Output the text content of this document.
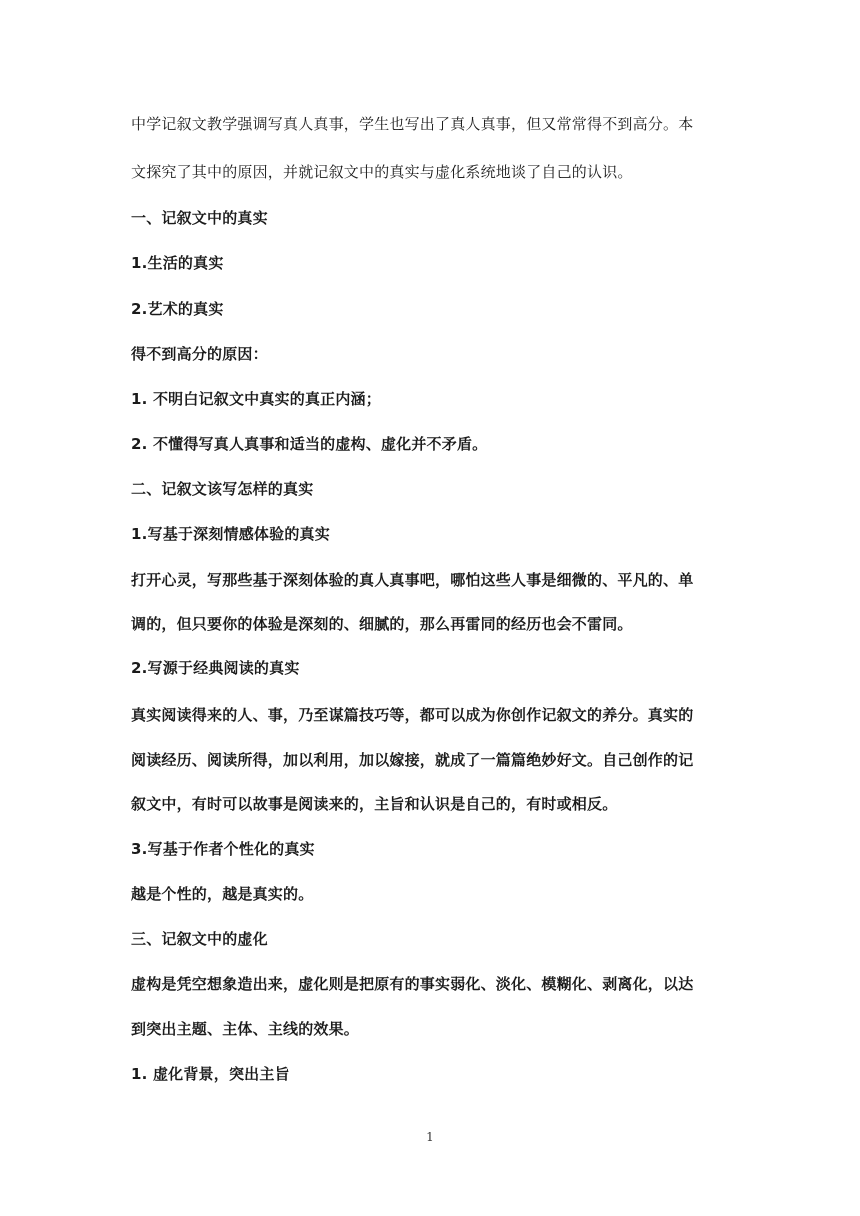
中学记叙文教学强调写真人真事，学生也写出了真人真事，但又常常得不到高分。本
文探究了其中的原因，并就记叙文中的真实与虚化系统地谈了自己的认识。
一、记叙文中的真实
1.生活的真实
2.艺术的真实
得不到高分的原因：
1. 不明白记叙文中真实的真正内涵；
2. 不懂得写真人真事和适当的虚构、虚化并不矛盾。
二、记叙文该写怎样的真实
1.写基于深刻情感体验的真实
打开心灵，写那些基于深刻体验的真人真事吧，哪怕这些人事是细微的、平凡的、单
调的，但只要你的体验是深刻的、细腻的，那么再雷同的经历也会不雷同。
2.写源于经典阅读的真实
真实阅读得来的人、事，乃至谋篇技巧等，都可以成为你创作记叙文的养分。真实的
阅读经历、阅读所得，加以利用，加以嫁接，就成了一篇篇绝妙好文。自己创作的记
叙文中，有时可以故事是阅读来的，主旨和认识是自己的，有时或相反。
3.写基于作者个性化的真实
越是个性的，越是真实的。
三、记叙文中的虚化
虚构是凭空想象造出来，虚化则是把原有的事实弱化、淡化、模糊化、剥离化，以达
到突出主题、主体、主线的效果。
1. 虚化背景，突出主旨
1
